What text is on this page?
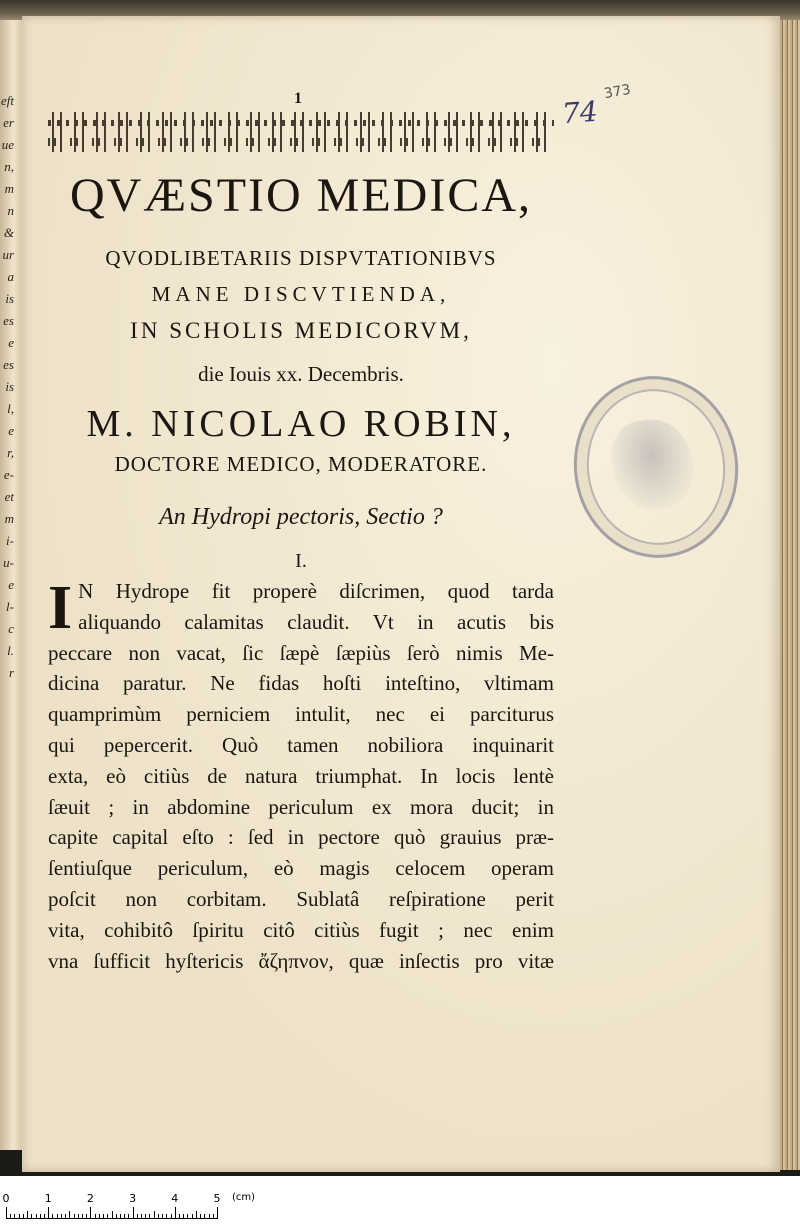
eft
er
ue
n,
m
n
&
ur
a
is
es
e
es
is
l,
e
r,
e-
et
m
i-
u-
e
l-
c
l.
r
1
QVÆSTIO MEDICA,
QVODLIBETARIIS DISPVTATIONIBVS
MANE DISCVTIENDA,
IN SCHOLIS MEDICORVM,
die Iouis xx. Decembris.
M. NICOLAO ROBIN,
DOCTORE MEDICO, MODERATORE.
An Hydropi pectoris, Sectio ?
I.
I N Hydrope fit properè diſcrimen, quod tarda
aliquando calamitas claudit. Vt in acutis bis
peccare non vacat, ſic ſæpè ſæpiùs ſerò nimis Me-
dicina paratur. Ne fidas hoſti inteſtino, vltimam
quamprimùm perniciem intulit, nec ei parciturus
qui pepercerit. Quò tamen nobiliora inquinarit
exta, eò citiùs de natura triumphat. In locis lentè
ſæuit ; in abdomine periculum ex mora ducit; in
capite capital eſto : ſed in pectore quò grauius præ-
ſentiuſque periculum, eò magis celocem operam
poſcit non corbitam. Sublatâ reſpiratione perit
vita, cohibitô ſpiritu citô citiùs fugit ; nec enim
vna ſufficit hyſtericis ἄζηπνον, quæ inſectis pro vitæ
74
373
(cm)
0	1	2	3	4	5
